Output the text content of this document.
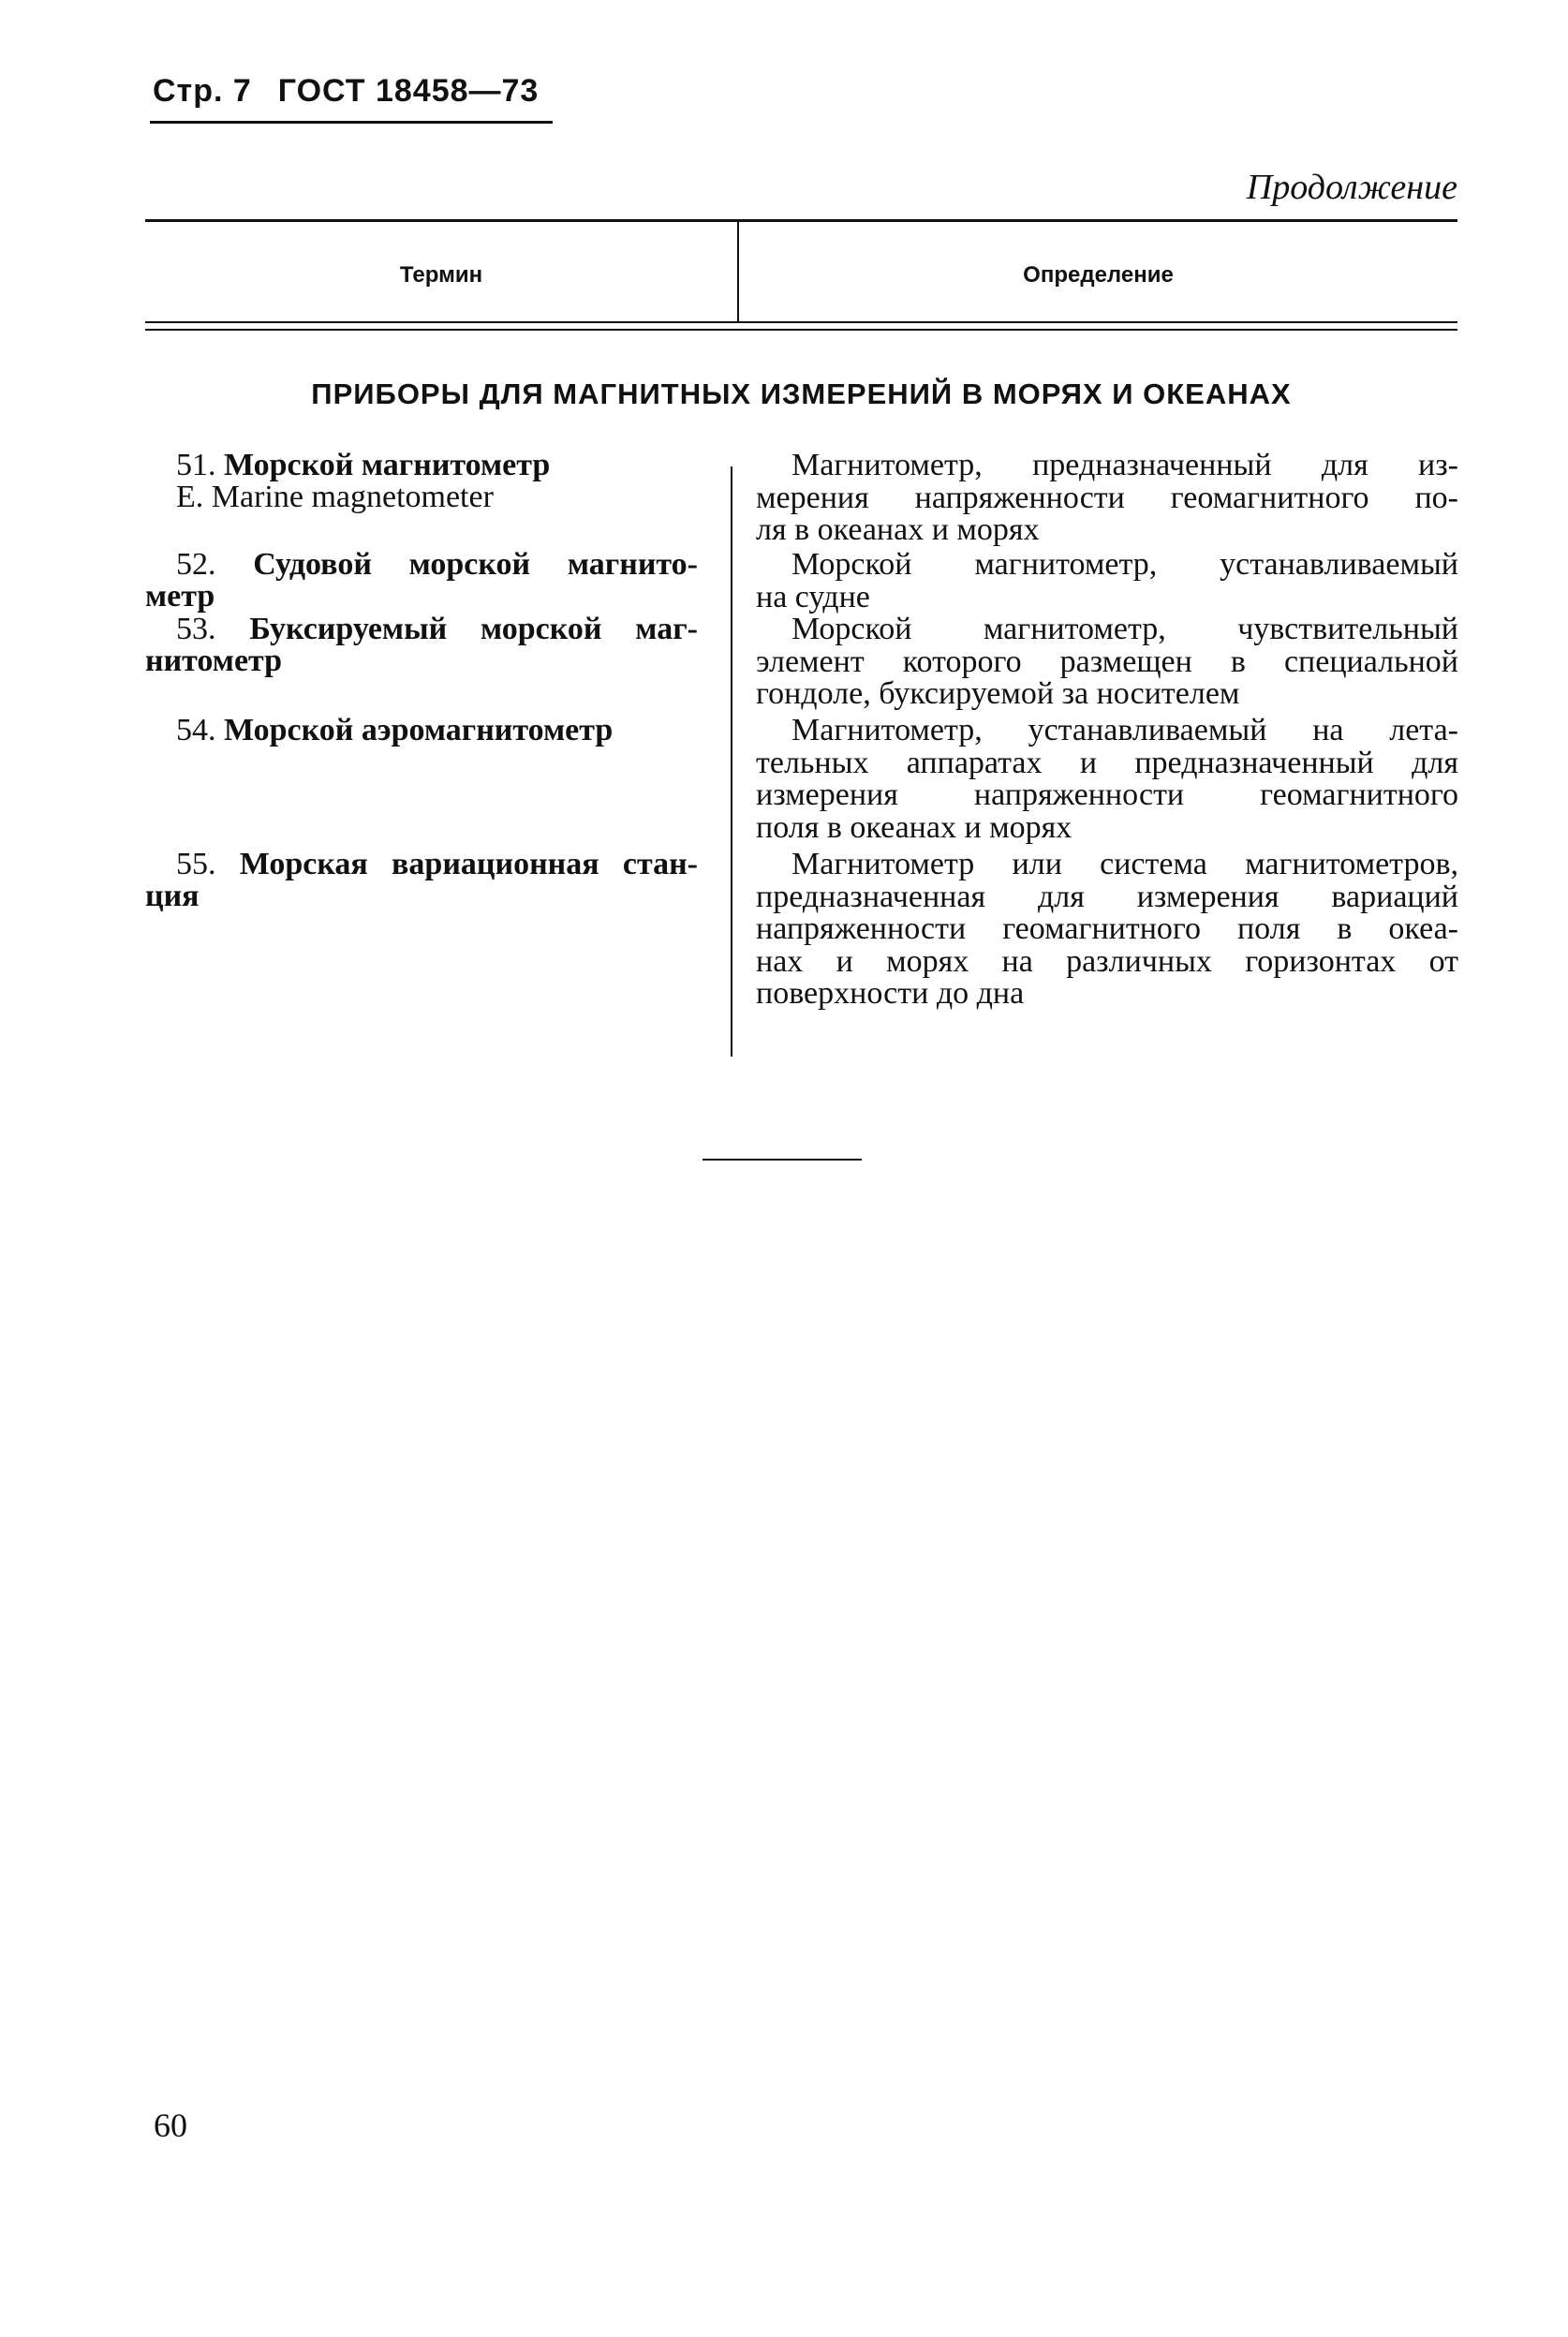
Стр. 7 ГОСТ 18458—73
Продолжение
Термин	Определение
ПРИБОРЫ ДЛЯ МАГНИТНЫХ ИЗМЕРЕНИЙ В МОРЯХ И ОКЕАНАХ
51. Морской магнитометр
E. Marine magnetometer
Магнитометр, предназначенный для из-
мерения напряженности геомагнитного по-
ля в океанах и морях
52. Судовой морской магнито-
метр
Морской магнитометр, устанавливаемый
на судне
53. Буксируемый морской маг-
нитометр
Морской магнитометр, чувствительный
элемент которого размещен в специальной
гондоле, буксируемой за носителем
54. Морской аэромагнитометр	Магнитометр, устанавливаемый на лета-
тельных аппаратах и предназначенный для
измерения напряженности геомагнитного
поля в океанах и морях
55. Морская вариационная стан-
ция
Магнитометр или система магнитометров,
предназначенная для измерения вариаций
напряженности геомагнитного поля в океа-
нах и морях на различных горизонтах от
поверхности до дна
60
